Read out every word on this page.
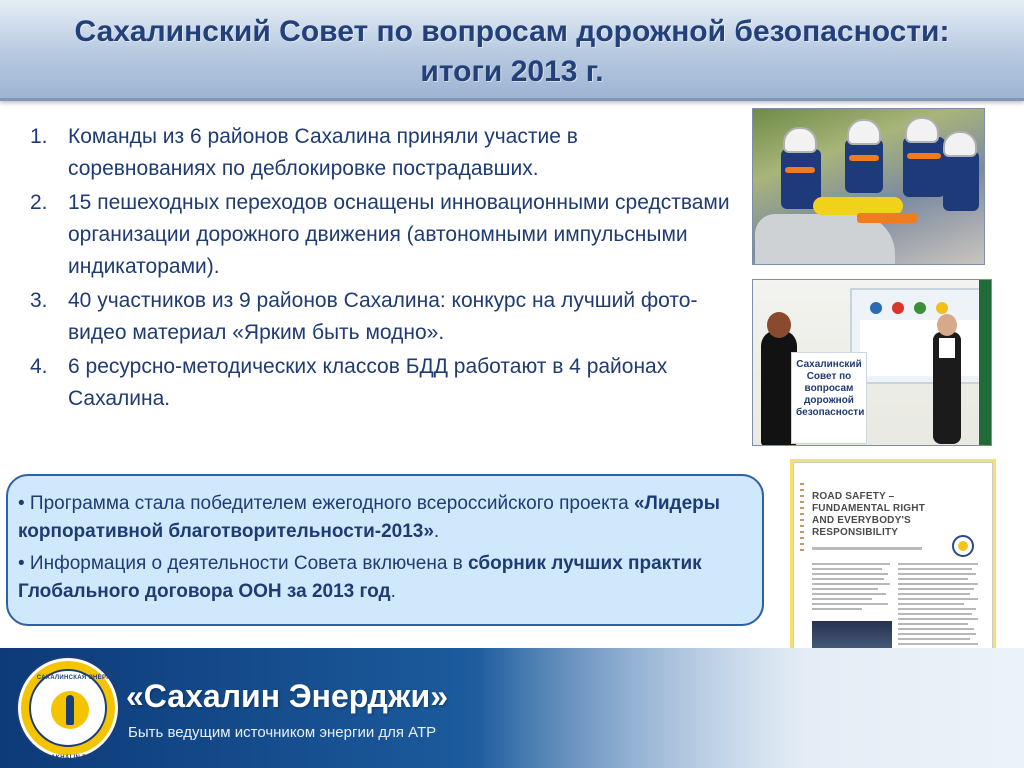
Сахалинский Совет по вопросам дорожной безопасности:
итоги 2013 г.
1. Команды из 6 районов Сахалина приняли участие в соревнованиях по деблокировке пострадавших.
2. 15 пешеходных переходов оснащены инновационными средствами организации дорожного движения (автономными импульсными индикаторами).
3. 40 участников из 9 районов Сахалина: конкурс на лучший фото-видео материал «Ярким быть модно».
4. 6 ресурсно-методических классов БДД работают в 4 районах Сахалина.
Сахалинский Совет по вопросам дорожной безопасности

• Программа стала победителем ежегодного всероссийского проекта «Лидеры корпоративной благотворительности-2013».

• Информация о деятельности Совета включена в сборник лучших практик Глобального договора ООН за 2013 год.

ROAD SAFETY –
FUNDAMENTAL RIGHT
AND EVERYBODY'S
RESPONSIBILITY
САХАЛИНСКАЯ ЭНЕРГИЯ
SAKHALIN ENERGY
«Сахалин Энерджи»
Быть ведущим источником энергии для АТР
